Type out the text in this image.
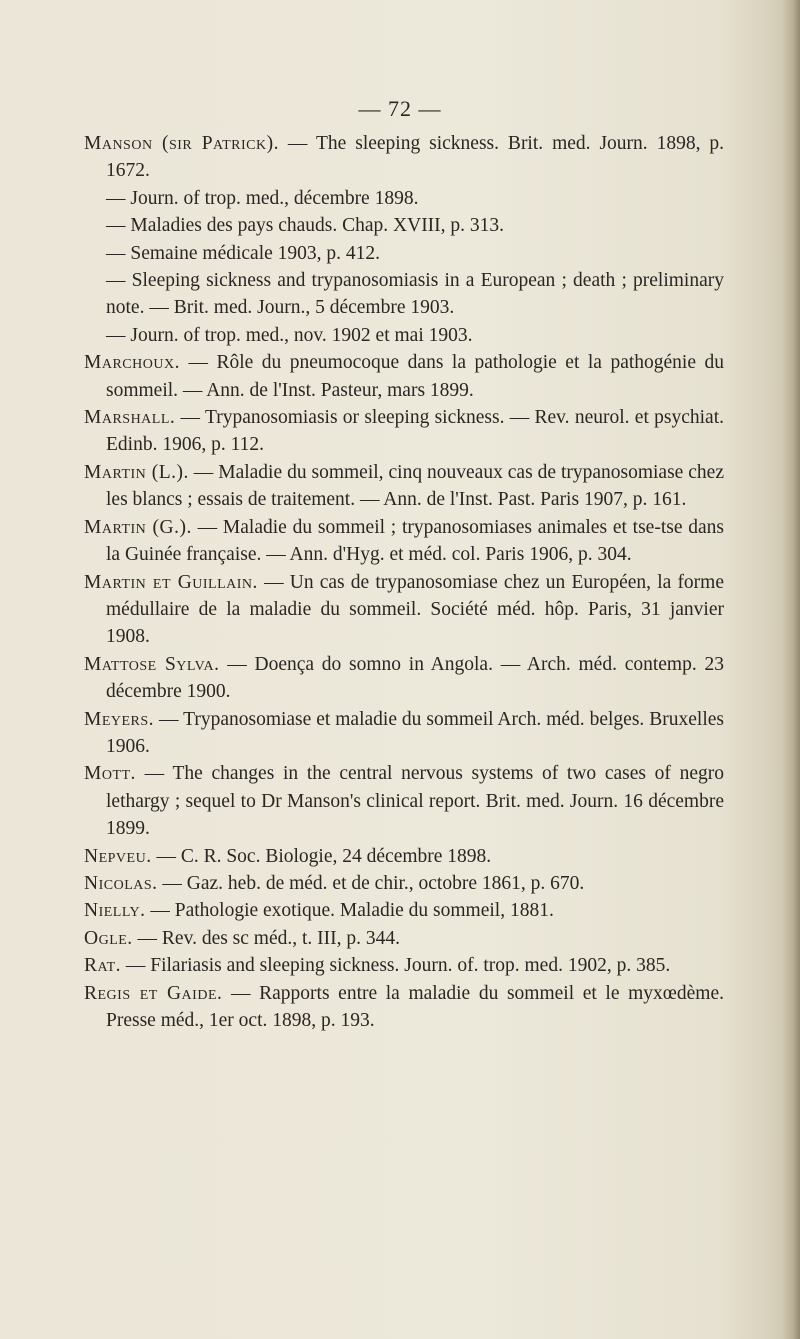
— 72 —

Manson (sir Patrick). — The sleeping sickness. Brit. med. Journ. 1898, p. 1672.

— Journ. of trop. med., décembre 1898.

— Maladies des pays chauds. Chap. XVIII, p. 313.

— Semaine médicale 1903, p. 412.

— Sleeping sickness and trypanosomiasis in a European ; death ; preliminary note. — Brit. med. Journ., 5 décembre 1903.

— Journ. of trop. med., nov. 1902 et mai 1903.

Marchoux. — Rôle du pneumocoque dans la pathologie et la pathogénie du sommeil. — Ann. de l'Inst. Pasteur, mars 1899.

Marshall. — Trypanosomiasis or sleeping sickness. — Rev. neurol. et psychiat. Edinb. 1906, p. 112.

Martin (L.). — Maladie du sommeil, cinq nouveaux cas de trypanosomiase chez les blancs ; essais de traitement. — Ann. de l'Inst. Past. Paris 1907, p. 161.

Martin (G.). — Maladie du sommeil ; trypanosomiases animales et tse-tse dans la Guinée française. — Ann. d'Hyg. et méd. col. Paris 1906, p. 304.

Martin et Guillain. — Un cas de trypanosomiase chez un Européen, la forme médullaire de la maladie du sommeil. Société méd. hôp. Paris, 31 janvier 1908.

Mattose Sylva. — Doença do somno in Angola. — Arch. méd. contemp. 23 décembre 1900.

Meyers. — Trypanosomiase et maladie du sommeil Arch. méd. belges. Bruxelles 1906.

Mott. — The changes in the central nervous systems of two cases of negro lethargy ; sequel to Dr Manson's clinical report. Brit. med. Journ. 16 décembre 1899.

Nepveu. — C. R. Soc. Biologie, 24 décembre 1898.

Nicolas. — Gaz. heb. de méd. et de chir., octobre 1861, p. 670.

Nielly. — Pathologie exotique. Maladie du sommeil, 1881.

Ogle. — Rev. des sc méd., t. III, p. 344.

Rat. — Filariasis and sleeping sickness. Journ. of. trop. med. 1902, p. 385.

Regis et Gaide. — Rapports entre la maladie du sommeil et le myxœdème. Presse méd., 1er oct. 1898, p. 193.
